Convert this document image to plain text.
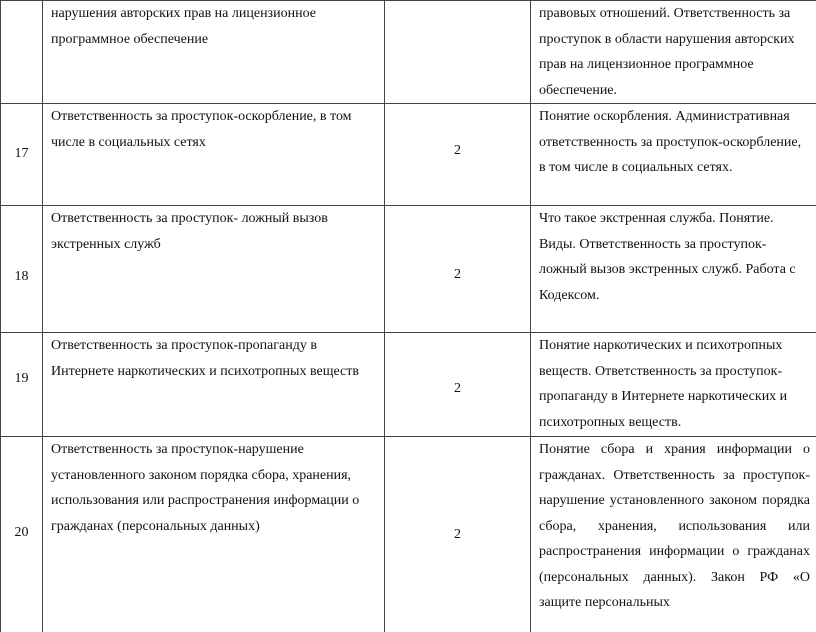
	нарушения авторских прав на лицензионное программное обеспечение		правовых отношений. Ответственность за проступок в области нарушения авторских прав на лицензионное программное обеспечение.
17	Ответственность за проступок-оскорбление, в том числе в социальных сетях	2	Понятие оскорбления. Административная ответственность за проступок-оскорбление, в том числе в социальных сетях.
18	Ответственность за проступок- ложный вызов экстренных служб	2	Что такое экстренная служба. Понятие. Виды. Ответственность за проступок-ложный вызов экстренных служб. Работа с Кодексом.
19	Ответственность за проступок-пропаганду в Интернете наркотических и психотропных веществ	2	Понятие наркотических и психотропных веществ. Ответственность за проступок-пропаганду в Интернете наркотических и психотропных веществ.
20	Ответственность за проступок-нарушение установленного законом порядка сбора, хранения, использования или распространения информации о гражданах (персональных данных)	2	Понятие сбора и храния информации о гражданах. Ответственность за проступок-нарушение установленного законом порядка сбора, хранения, использования или распространения информации о гражданах (персональных данных). Закон РФ «О защите персональных
